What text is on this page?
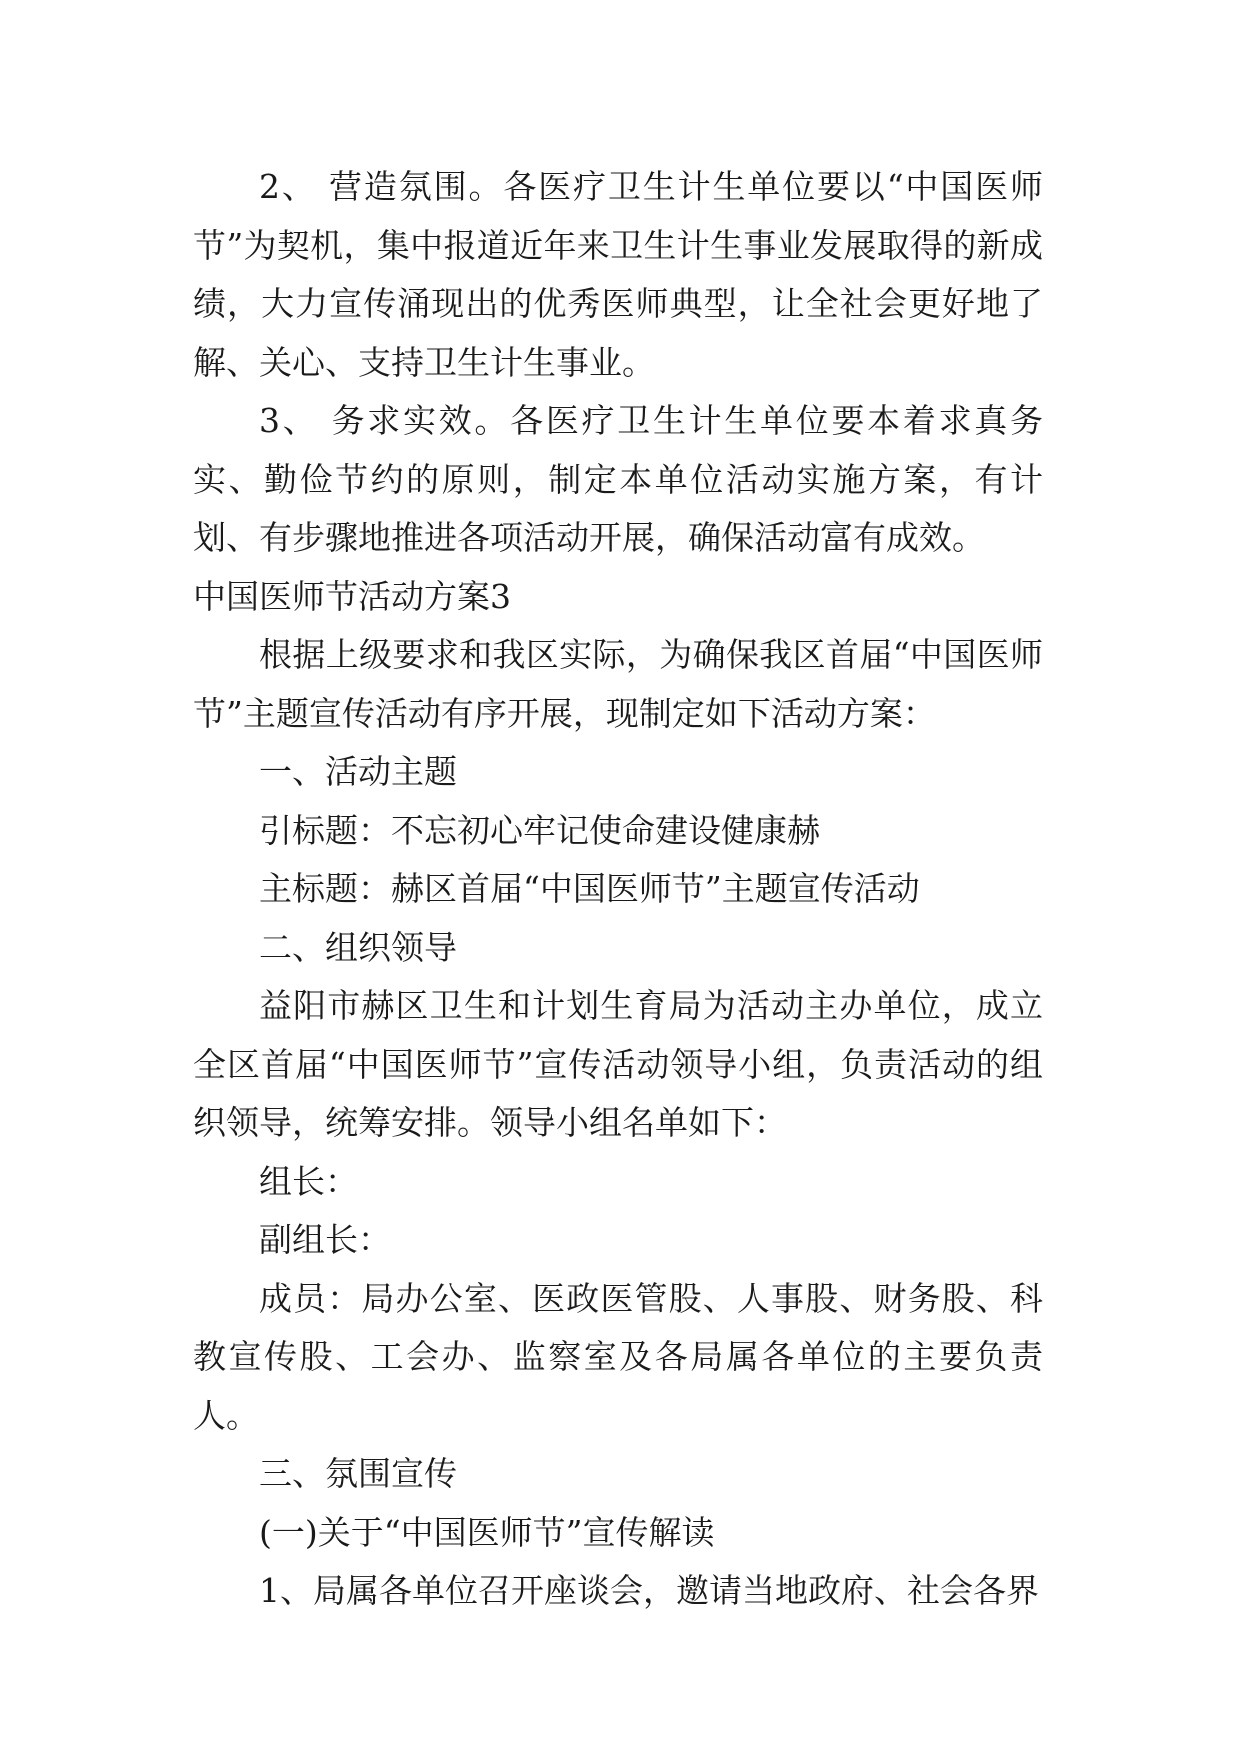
2、 营造氛围。各医疗卫生计生单位要以“中国医师节”为契机，集中报道近年来卫生计生事业发展取得的新成绩，大力宣传涌现出的优秀医师典型，让全社会更好地了解、关心、支持卫生计生事业。

3、 务求实效。各医疗卫生计生单位要本着求真务实、勤俭节约的原则，制定本单位活动实施方案，有计划、有步骤地推进各项活动开展，确保活动富有成效。

中国医师节活动方案3

根据上级要求和我区实际，为确保我区首届“中国医师节”主题宣传活动有序开展，现制定如下活动方案：

一、活动主题

引标题：不忘初心牢记使命建设健康赫

主标题：赫区首届“中国医师节”主题宣传活动

二、组织领导

益阳市赫区卫生和计划生育局为活动主办单位，成立全区首届“中国医师节”宣传活动领导小组，负责活动的组织领导，统筹安排。领导小组名单如下：

组长：

副组长：

成员：局办公室、医政医管股、人事股、财务股、科教宣传股、工会办、监察室及各局属各单位的主要负责人。

三、氛围宣传

(一)关于“中国医师节”宣传解读

1、局属各单位召开座谈会，邀请当地政府、社会各界
